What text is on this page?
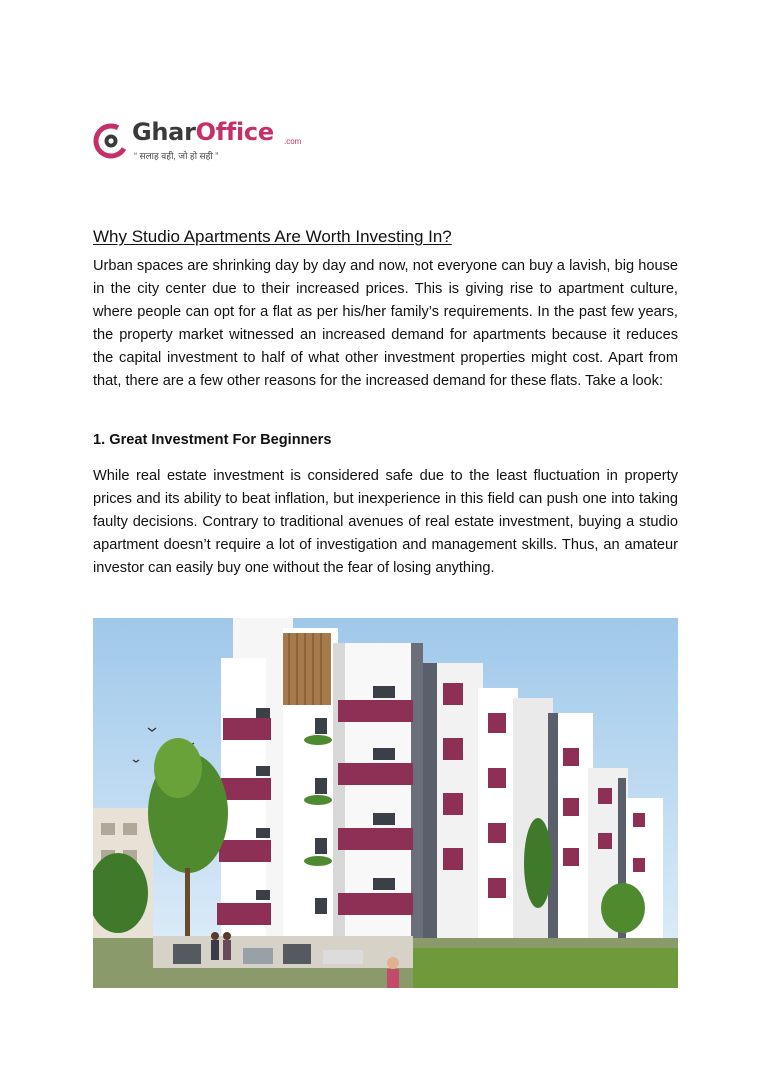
GharOffice .com
“ सलाह वही, जो हो सही ”
Why Studio Apartments Are Worth Investing In?

Urban spaces are shrinking day by day and now, not everyone can buy a lavish, big house in the city center due to their increased prices. This is giving rise to apartment culture, where people can opt for a flat as per his/her family’s requirements. In the past few years, the property market witnessed an increased demand for apartments because it reduces the capital investment to half of what other investment properties might cost. Apart from that, there are a few other reasons for the increased demand for these flats. Take a look:

1. Great Investment For Beginners

While real estate investment is considered safe due to the least fluctuation in property prices and its ability to beat inflation, but inexperience in this field can push one into taking faulty decisions. Contrary to traditional avenues of real estate investment, buying a studio apartment doesn’t require a lot of investigation and management skills. Thus, an amateur investor can easily buy one without the fear of losing anything.
